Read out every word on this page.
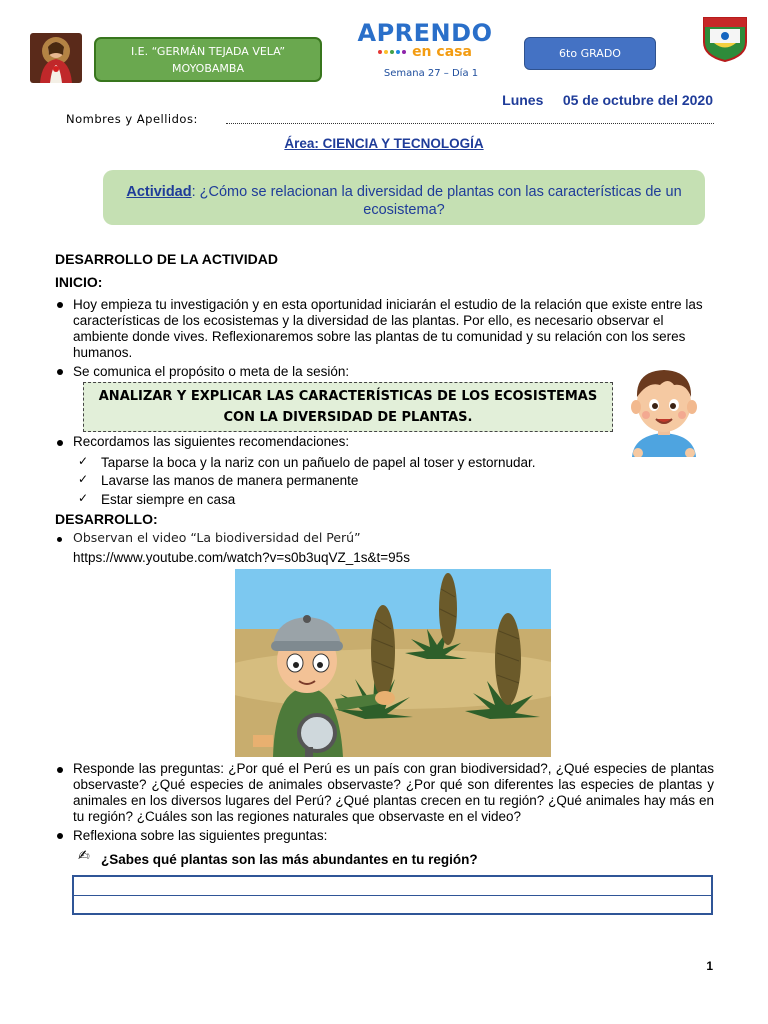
I.E. “GERMÁN TEJADA VELA”
MOYOBAMBA
APRENDO
en casa
Semana 27 – Día 1
6to GRADO
Lunes     05 de octubre del 2020
Nombres y Apellidos:
Área: CIENCIA Y TECNOLOGÍA
Actividad: ¿Cómo se relacionan la diversidad de plantas con las características de un ecosistema?
DESARROLLO DE LA ACTIVIDAD
INICIO:
Hoy empieza tu investigación y en esta oportunidad iniciarán el estudio de la relación que existe entre las características de los ecosistemas y la diversidad de las plantas. Por ello, es necesario observar el ambiente donde vives. Reflexionaremos sobre las plantas de tu comunidad y su relación con los seres humanos.
Se comunica el propósito o meta de la sesión:
ANALIZAR Y EXPLICAR LAS CARACTERÍSTICAS DE LOS ECOSISTEMAS
CON LA DIVERSIDAD DE PLANTAS.
Recordamos las siguientes recomendaciones:
✓ Taparse la boca y la nariz con un pañuelo de papel al toser y estornudar.
✓ Lavarse las manos de manera permanente
✓ Estar siempre en casa
DESARROLLO:
Observan el video “La biodiversidad del Perú”
https://www.youtube.com/watch?v=s0b3uqVZ_1s&t=95s
Responde las preguntas: ¿Por qué el Perú es un país con gran biodiversidad?, ¿Qué especies de plantas observaste? ¿Qué especies de animales observaste? ¿Por qué son diferentes las especies de plantas y animales en los diversos lugares del Perú? ¿Qué plantas crecen en tu región? ¿Qué animales hay más en tu región? ¿Cuáles son las regiones naturales que observaste en el video?
Reflexiona sobre las siguientes preguntas:
✍ ¿Sabes qué plantas son las más abundantes en tu región?
1
